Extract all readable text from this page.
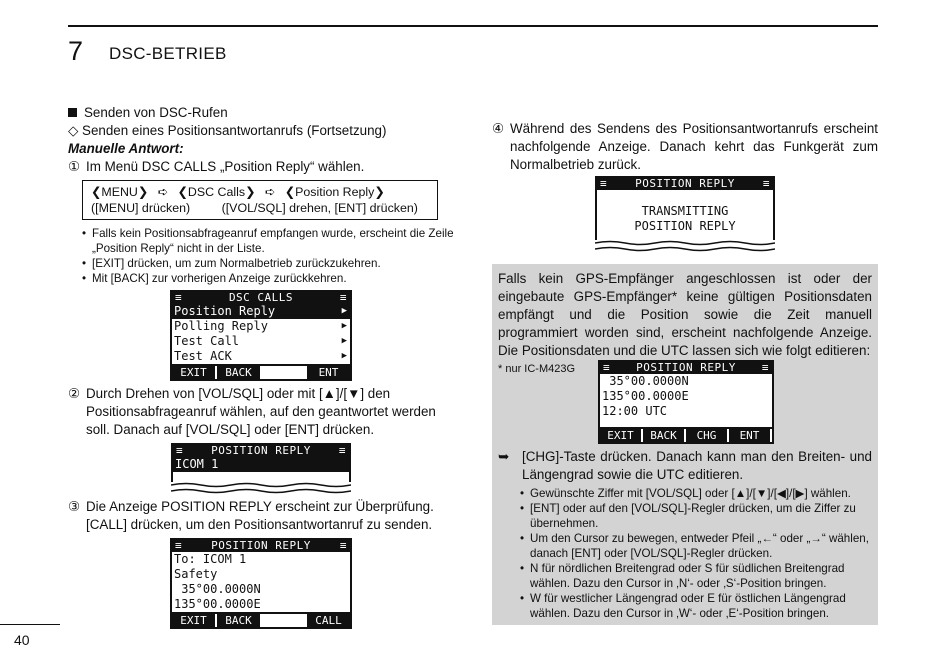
7 DSC-BETRIEB

Senden von DSC-Rufen

◇ Senden eines Positionsantwortanrufs (Fortsetzung)

Manuelle Antwort:

① Im Menü DSC CALLS „Position Reply“ wählen.
❮MENU❯ ➪ ❮DSC Calls❯ ➪ ❮Position Reply❯
([MENU] drücken)	([VOL/SQL] drehen, [ENT] drücken)
• Falls kein Positionsabfrageanruf empfangen wurde, erscheint die Zeile „Position Reply“ nicht in der Liste.
• [EXIT] drücken, um zum Normalbetrieb zurückzukehren.
• Mit [BACK] zur vorherigen Anzeige zurückkehren.
≡	DSC CALLS	≡
Position Reply	▶
Polling Reply	▶
Test Call	▶
Test ACK	▶
EXIT	BACK	ENT
② Durch Drehen von [VOL/SQL] oder mit [▲]/[▼] den Positionsabfrageanruf wählen, auf den geantwortet werden soll. Danach auf [VOL/SQL] oder [ENT] drücken.
≡	POSITION REPLY	≡
ICOM 1
③ Die Anzeige POSITION REPLY erscheint zur Überprüfung. [CALL] drücken, um den Positionsantwortanruf zu senden.
≡	POSITION REPLY	≡
To: ICOM 1
Safety
35°00.0000N
135°00.0000E
EXIT	BACK	CALL
④ Während des Sendens des Positionsantwortanrufs erscheint nachfolgende Anzeige. Danach kehrt das Funkgerät zum Normalbetrieb zurück.
≡	POSITION REPLY	≡
TRANSMITTING
POSITION REPLY

Falls kein GPS-Empfänger angeschlossen ist oder der eingebaute GPS-Empfänger* keine gültigen Positionsdaten empfängt und die Position sowie die Zeit manuell programmiert worden sind, erscheint nachfolgende Anzeige. Die Positionsdaten und die UTC lassen sich wie folgt editieren:

* nur IC-M423G	≡ POSITION REPLY ≡
35°00.0000N
135°00.0000E
12:00 UTC
EXIT	BACK	CHG	ENT
➥ [CHG]-Taste drücken. Danach kann man den Breiten- und Längengrad sowie die UTC editieren.
• Gewünschte Ziffer mit [VOL/SQL] oder [▲]/[▼]/[◀]/[▶] wählen.
• [ENT] oder auf den [VOL/SQL]-Regler drücken, um die Ziffer zu übernehmen.
• Um den Cursor zu bewegen, entweder Pfeil „←“ oder „→“ wählen, danach [ENT] oder [VOL/SQL]-Regler drücken.
• N für nördlichen Breitengrad oder S für südlichen Breitengrad wählen. Dazu den Cursor in ‚N‘- oder ‚S‘-Position bringen.
• W für westlicher Längengrad oder E für östlichen Längengrad wählen. Dazu den Cursor in ‚W‘- oder ‚E‘-Position bringen.
40
